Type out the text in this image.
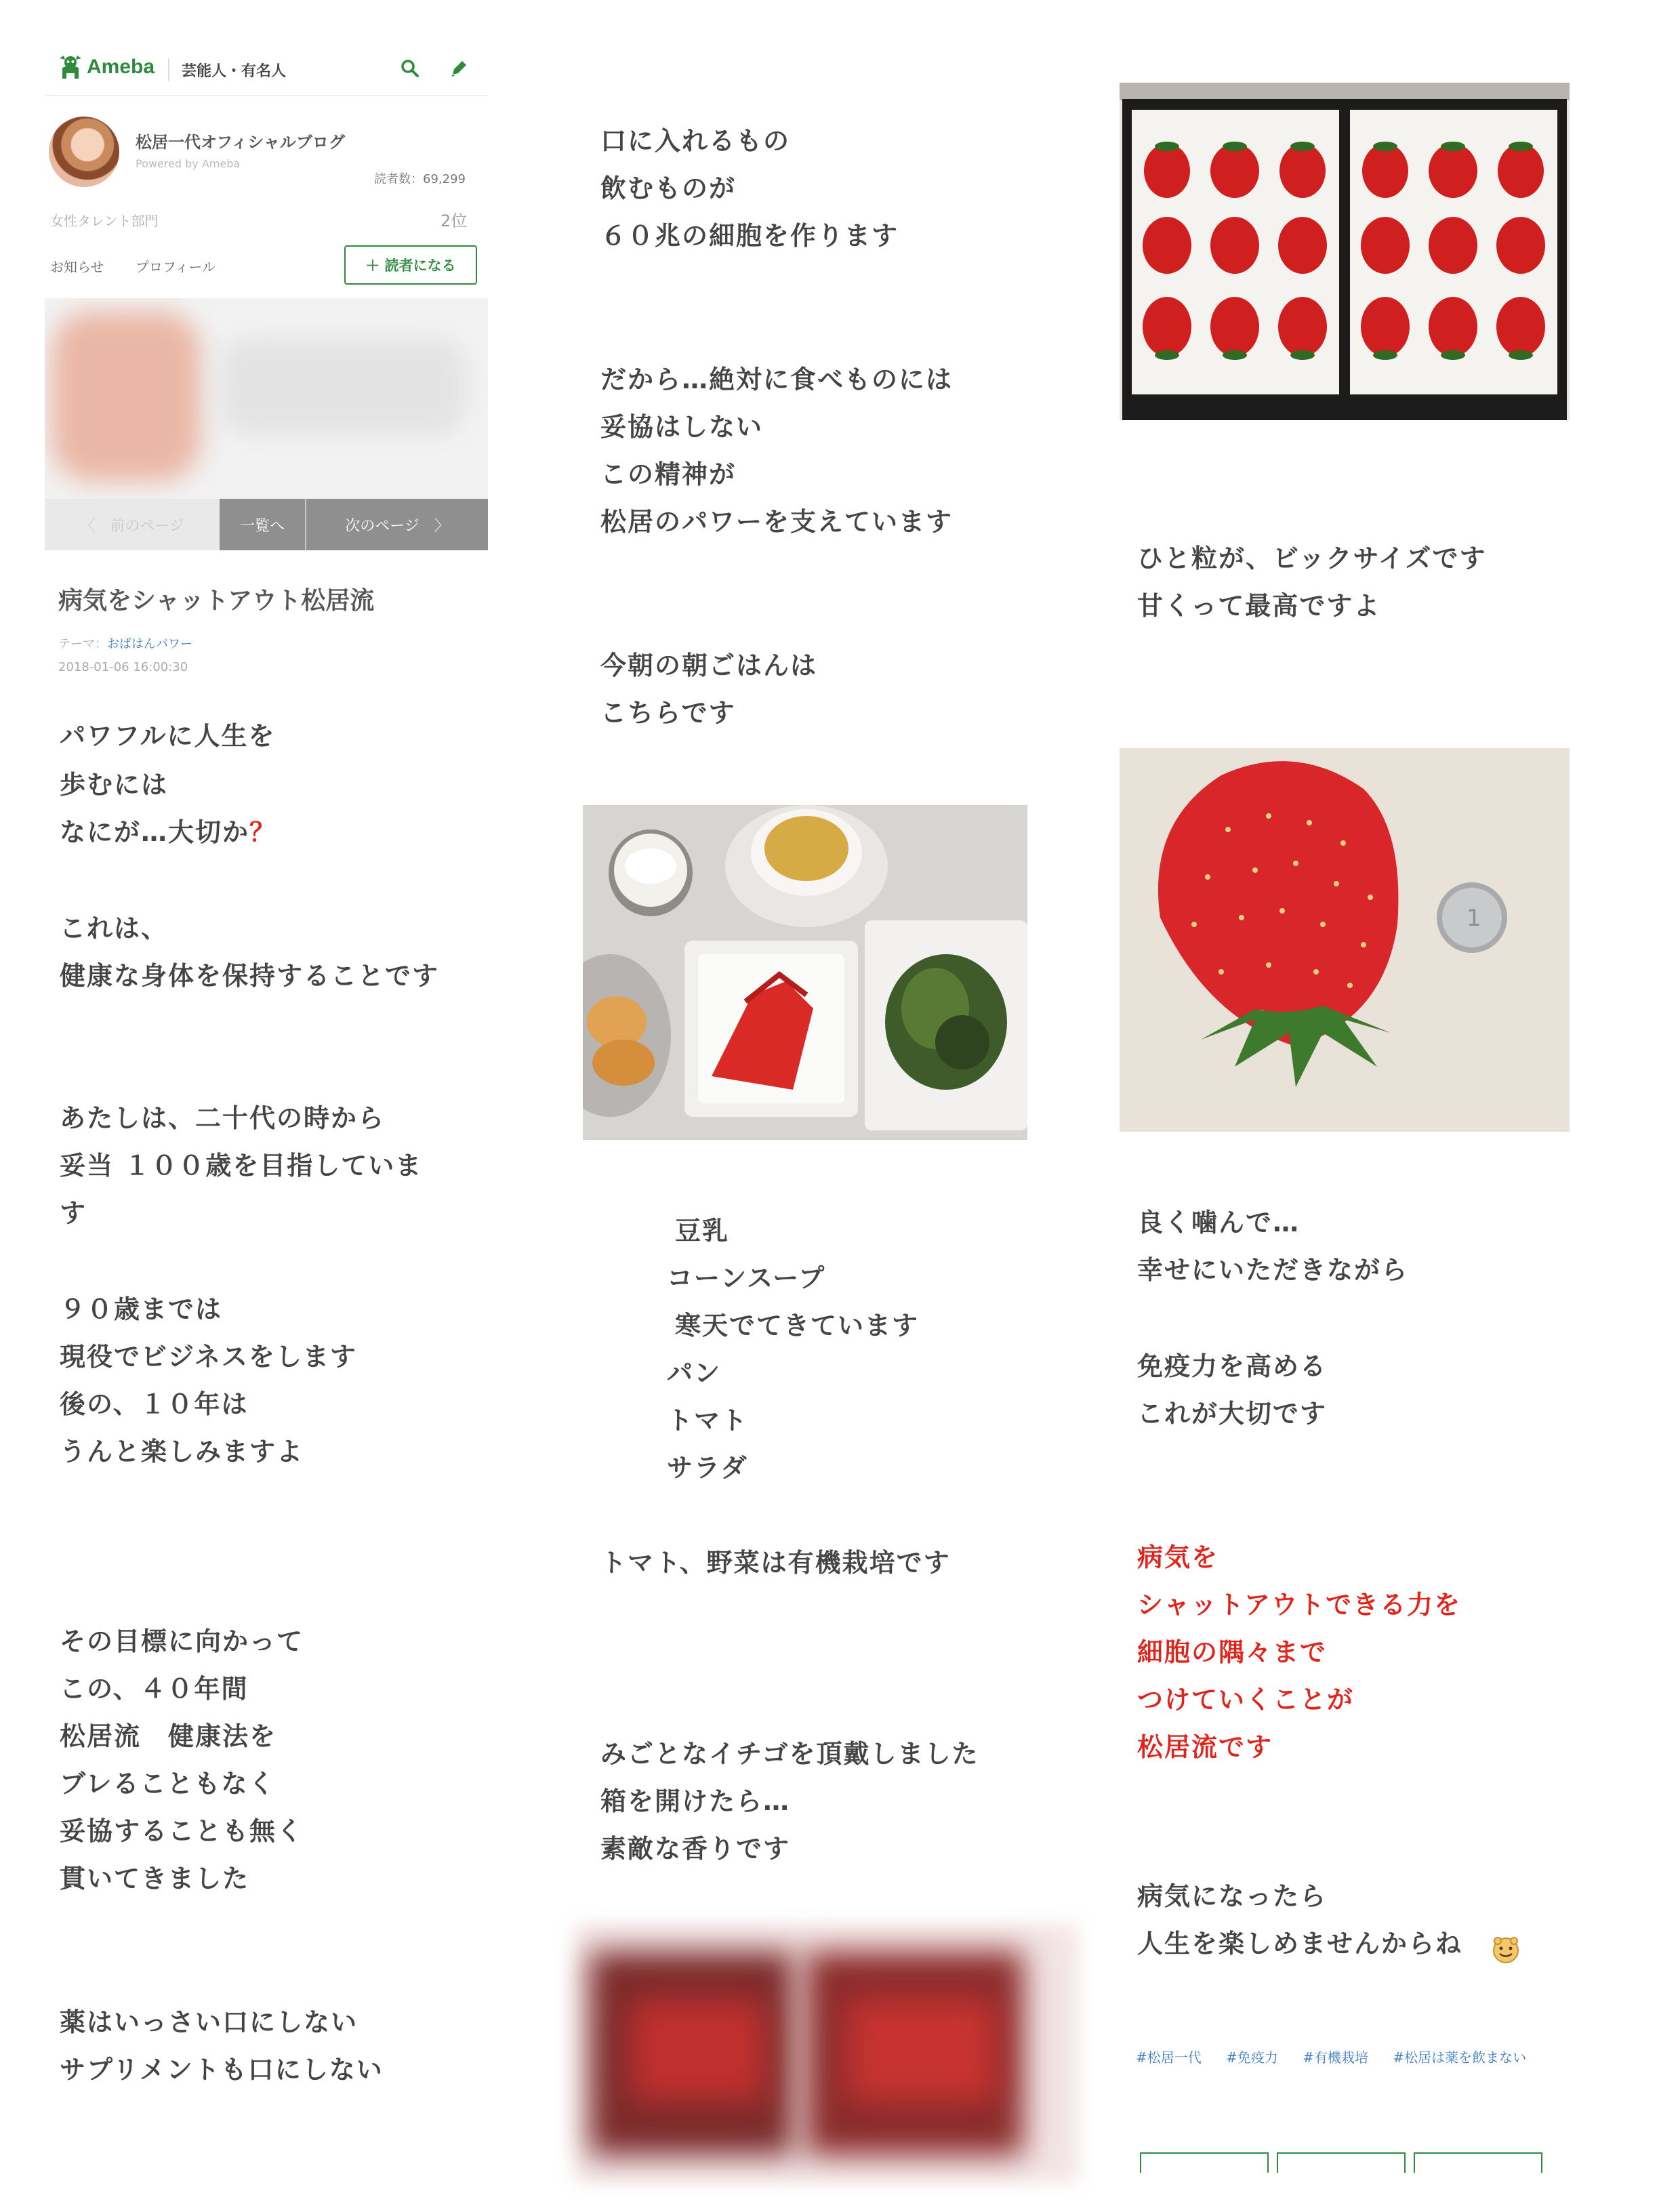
Ameba 芸能人・有名人
松居一代オフィシャルブログ
Powered by Ameba
読者数：69,299
女性タレント部門	2位
お知らせ プロフィール	＋ 読者になる
〈　前のページ	一覧へ	次のページ　〉
病気をシャットアウト松居流
テーマ：おばはんパワー
2018-01-06 16:00:30
パワフルに人生を
歩むには
なにが…大切か？
これは、
健康な身体を保持することです
あたしは、二十代の時から
妥当 １００歳を目指していま
す
９０歳までは
現役でビジネスをします
後の、１０年は
うんと楽しみますよ
その目標に向かって
この、４０年間
松居流　健康法を
ブレることもなく
妥協することも無く
貫いてきました
薬はいっさい口にしない
サプリメントも口にしない
口に入れるもの
飲むものが
６０兆の細胞を作ります
だから…絶対に食べものには
妥協はしない
この精神が
松居のパワーを支えています
今朝の朝ごはんは
こちらです
豆乳
コーンスープ
寒天でてきています
パン
トマト
サラダ
トマト、野菜は有機栽培です
みごとなイチゴを頂戴しました
箱を開けたら…
素敵な香りです
ひと粒が、ビックサイズです
甘くって最高ですよ
1
良く噛んで…
幸せにいただきながら
免疫力を高める
これが大切です
病気を
シャットアウトできる力を
細胞の隅々まで
つけていくことが
松居流です
病気になったら
人生を楽しめませんからね
#松居一代 #免疫力 #有機栽培 #松居は薬を飲まない
